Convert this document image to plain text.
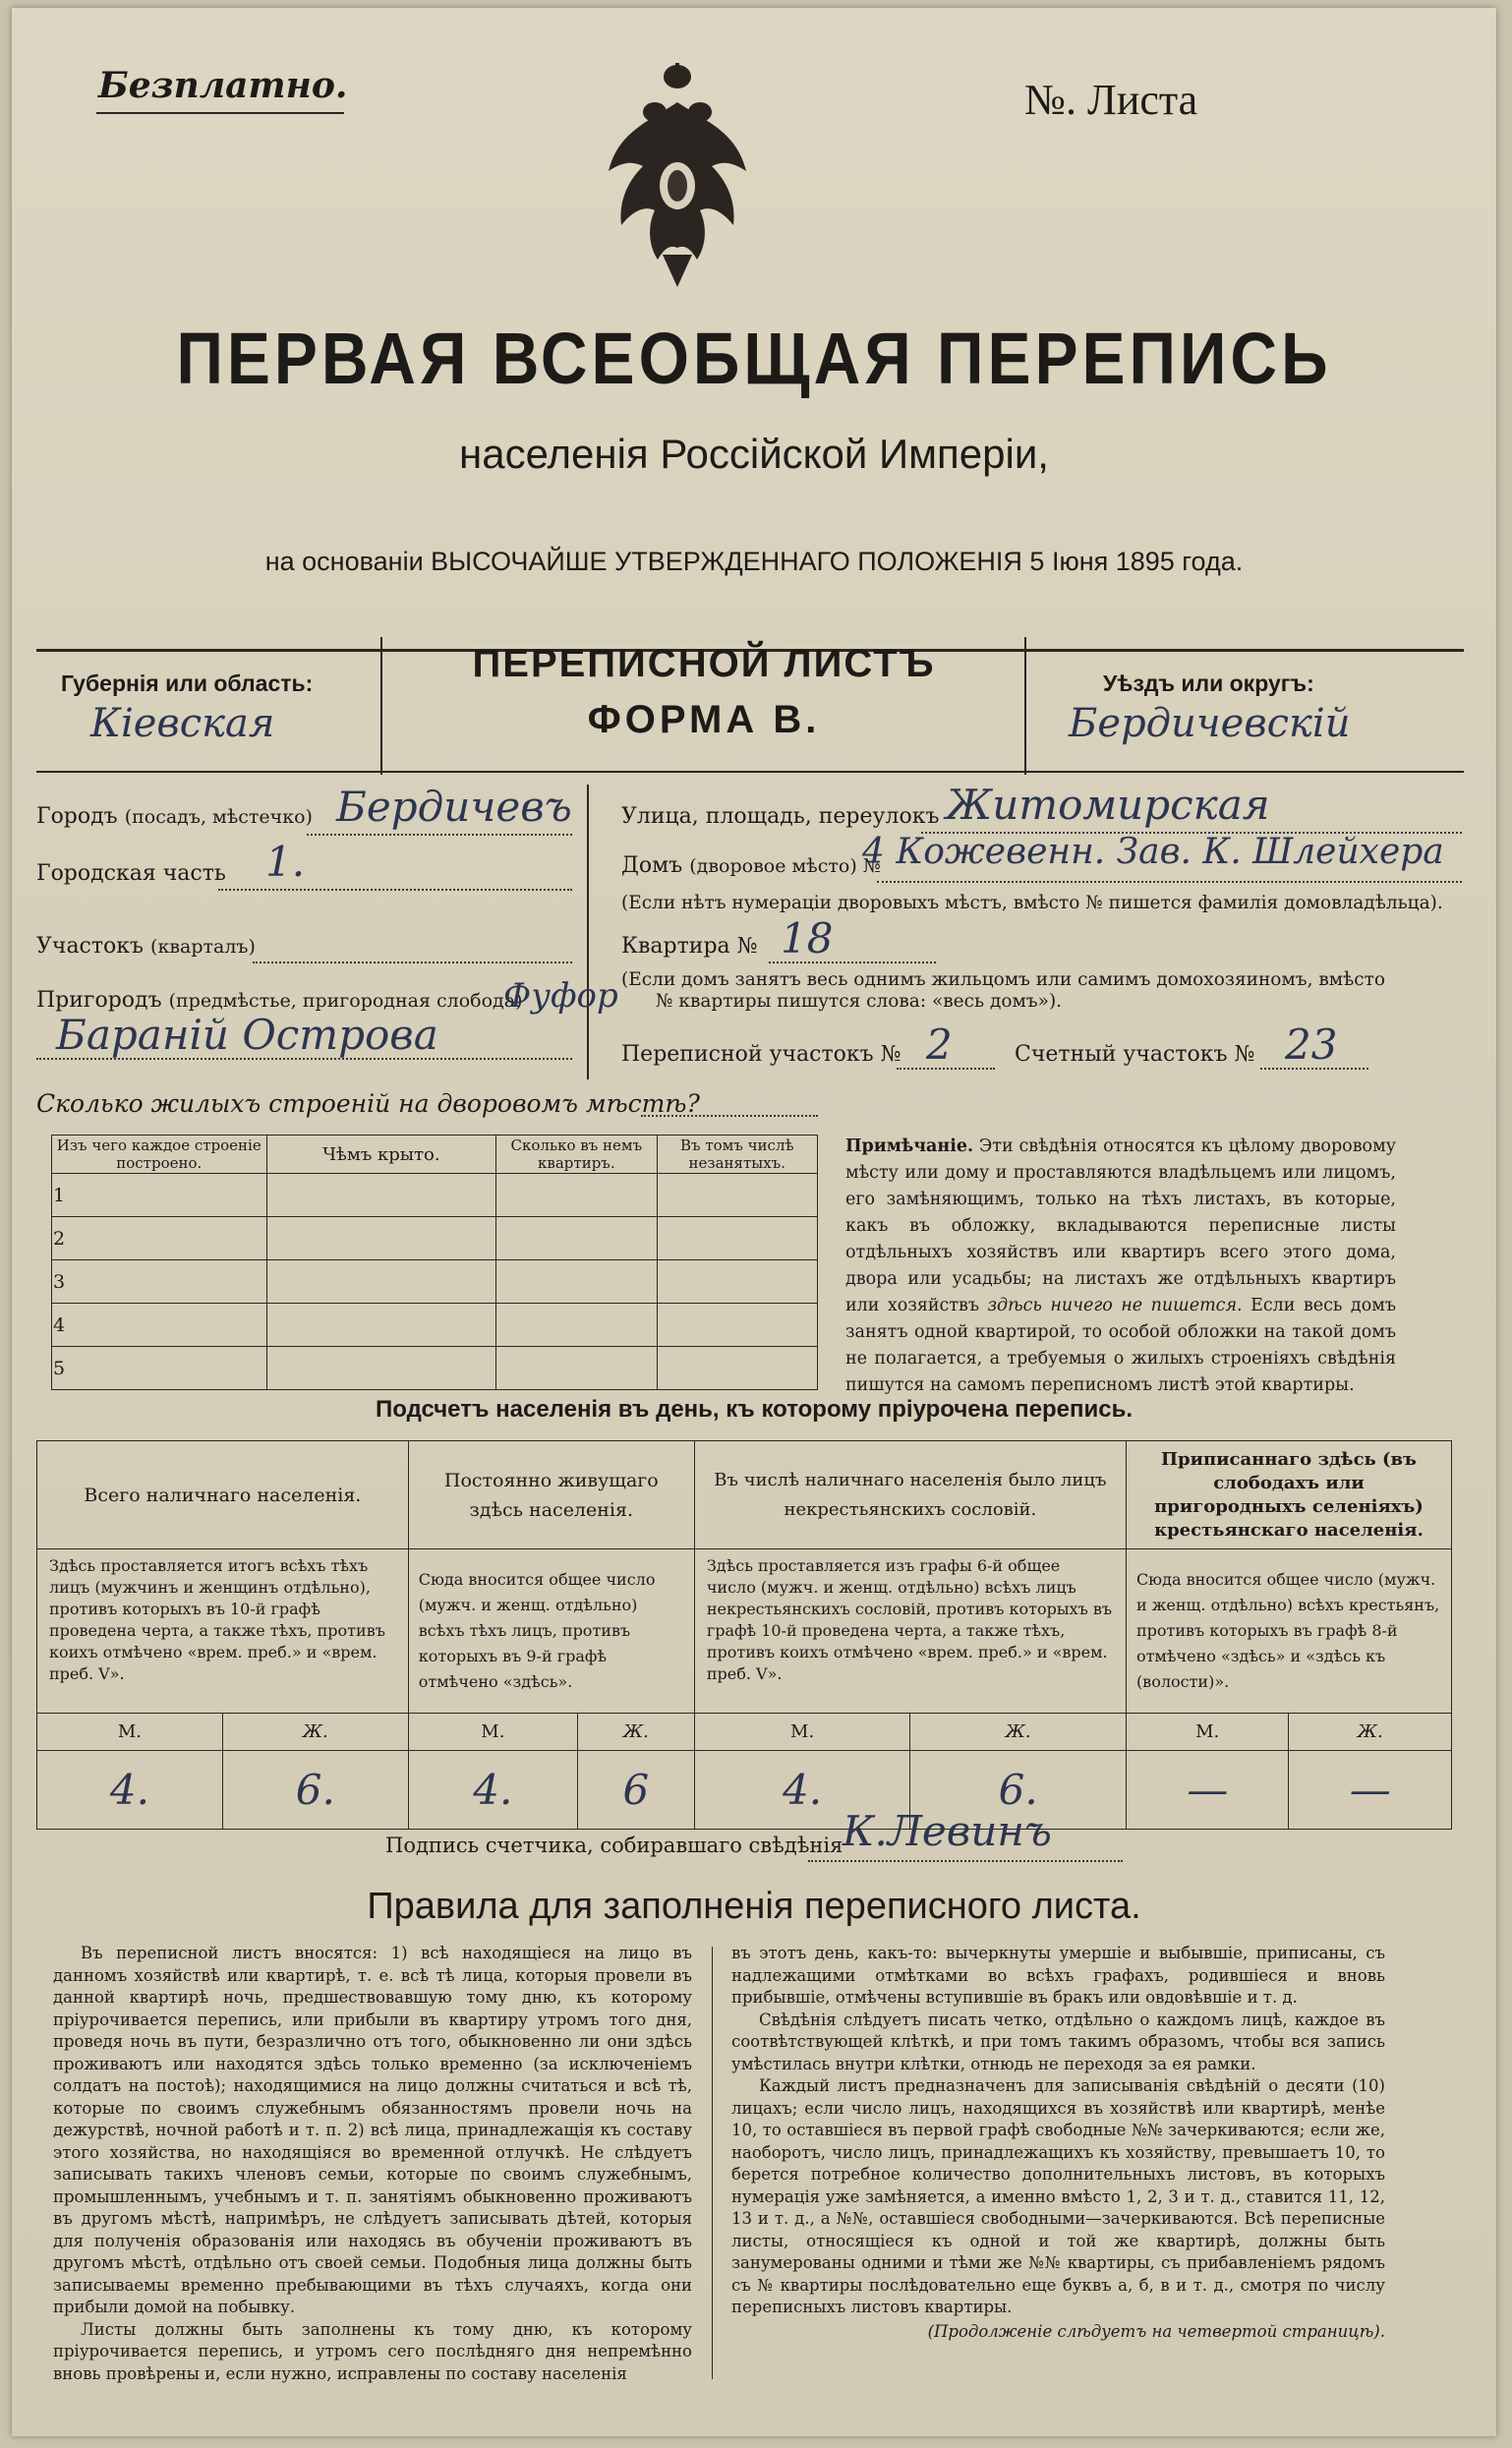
Безплатно.	№. Листа
ПЕРВАЯ ВСЕОБЩАЯ ПЕРЕПИСЬ
населенія Россійской Имперіи,
на основаніи ВЫСОЧАЙШЕ УТВЕРЖДЕННАГО ПОЛОЖЕНІЯ 5 Іюня 1895 года.
ПЕРЕПИСНОЙ ЛИСТЪ
ФОРМА В.
Губернія или область:
Кіевская
Уѣздъ или округъ:
Бердичевскій
Городъ (посадъ, мѣстечко) Бердичевъ
Городская часть 1.
Участокъ (кварталъ)
Пригородъ (предмѣстье, пригородная слобода)
Фуфор
Бараній Острова
Улица, площадь, переулокъ Житомирская
Домъ (дворовое мѣсто) №
4 Кожевенн. Зав. К. Шлейхера
(Если нѣтъ нумераціи дворовыхъ мѣстъ, вмѣсто № пишется фамилія домовладѣльца).
Квартира № 18
(Если домъ занятъ весь однимъ жильцомъ или самимъ домохозяиномъ, вмѣсто
№ квартиры пишутся слова: «весь домъ»).
Переписной участокъ № 2	Счетный участокъ № 23
Сколько жилыхъ строеній на дворовомъ мѣстѣ?
Изъ чего каждое строеніе построено.	Чѣмъ крыто.	Сколько въ немъ квартиръ.	Въ томъ числѣ незанятыхъ.
1			
2			
3			
4			
5			
Примѣчаніе. Эти свѣдѣнія относятся къ цѣлому дворовому мѣсту или дому и проставляются владѣльцемъ или лицомъ, его замѣняющимъ, только на тѣхъ листахъ, въ которые, какъ въ обложку, вкладываются переписные листы отдѣльныхъ хозяйствъ или квартиръ всего этого дома, двора или усадьбы; на листахъ же отдѣльныхъ квартиръ или хозяйствъ здѣсь ничего не пишется. Если весь домъ занятъ одной квартирой, то особой обложки на такой домъ не полагается, а требуемыя о жилыхъ строеніяхъ свѣдѣнія пишутся на самомъ переписномъ листѣ этой квартиры.
Подсчетъ населенія въ день, къ которому пріурочена перепись.
Всего наличнаго населенія.		Постоянно живущаго здѣсь населенія.		Въ числѣ наличнаго населенія было лицъ некрестьянскихъ сословій.		Приписаннаго здѣсь (въ слободахъ или пригородныхъ селеніяхъ) крестьянскаго населенія.	
Здѣсь проставляется итогъ всѣхъ тѣхъ лицъ (мужчинъ и женщинъ отдѣльно), противъ которыхъ въ 10-й графѣ проведена черта, а также тѣхъ, противъ коихъ отмѣчено «врем. преб.» и «врем. преб. V».		Сюда вносится общее число (мужч. и женщ. отдѣльно) всѣхъ тѣхъ лицъ, противъ которыхъ въ 9-й графѣ отмѣчено «здѣсь».		Здѣсь проставляется изъ графы 6-й общее число (мужч. и женщ. отдѣльно) всѣхъ лицъ некрестьянскихъ сословій, противъ которыхъ въ графѣ 10-й проведена черта, а также тѣхъ, противъ коихъ отмѣчено «врем. преб.» и «врем. преб. V».		Сюда вносится общее число (мужч. и женщ. отдѣльно) всѣхъ крестьянъ, противъ которыхъ въ графѣ 8-й отмѣчено «здѣсь» и «здѣсь къ (волости)».	
М.	Ж.	М.	Ж.	М.	Ж.	М.	Ж.
4.	6.	4.	6	4.	6.	—	—
Подпись счетчика, собиравшаго свѣдѣнія К.Левинъ
Правила для заполненія переписного листа.

Въ переписной листъ вносятся: 1) всѣ находящіеся на лицо въ данномъ хозяйствѣ или квартирѣ, т. е. всѣ тѣ лица, которыя провели въ данной квартирѣ ночь, предшествовавшую тому дню, къ которому пріурочивается перепись, или прибыли въ квартиру утромъ того дня, проведя ночь въ пути, безразлично отъ того, обыкновенно ли они здѣсь проживаютъ или находятся здѣсь только временно (за исключеніемъ солдатъ на постоѣ); находящимися на лицо должны считаться и всѣ тѣ, которые по своимъ служебнымъ обязанностямъ провели ночь на дежурствѣ, ночной работѣ и т. п. 2) всѣ лица, принадлежащія къ составу этого хозяйства, но находящіяся во временной отлучкѣ. Не слѣдуетъ записывать такихъ членовъ семьи, которые по своимъ служебнымъ, промышленнымъ, учебнымъ и т. п. занятіямъ обыкновенно проживаютъ въ другомъ мѣстѣ, напримѣръ, не слѣдуетъ записывать дѣтей, которыя для полученія образованія или находясь въ обученіи проживаютъ въ другомъ мѣстѣ, отдѣльно отъ своей семьи. Подобныя лица должны быть записываемы временно пребывающими въ тѣхъ случаяхъ, когда они прибыли домой на побывку.

Листы должны быть заполнены къ тому дню, къ которому пріурочивается перепись, и утромъ сего послѣдняго дня непремѣнно вновь провѣрены и, если нужно, исправлены по составу населенія

въ этотъ день, какъ-то: вычеркнуты умершіе и выбывшіе, приписаны, съ надлежащими отмѣтками во всѣхъ графахъ, родившіеся и вновь прибывшіе, отмѣчены вступившіе въ бракъ или овдовѣвшіе и т. д.

Свѣдѣнія слѣдуетъ писать четко, отдѣльно о каждомъ лицѣ, каждое въ соотвѣтствующей клѣткѣ, и при томъ такимъ образомъ, чтобы вся запись умѣстилась внутри клѣтки, отнюдь не переходя за ея рамки.

Каждый листъ предназначенъ для записыванія свѣдѣній о десяти (10) лицахъ; если число лицъ, находящихся въ хозяйствѣ или квартирѣ, менѣе 10, то оставшіеся въ первой графѣ свободные №№ зачеркиваются; если же, наоборотъ, число лицъ, принадлежащихъ къ хозяйству, превышаетъ 10, то берется потребное количество дополнительныхъ листовъ, въ которыхъ нумерація уже замѣняется, а именно вмѣсто 1, 2, 3 и т. д., ставится 11, 12, 13 и т. д., а №№, оставшіеся свободными—зачеркиваются. Всѣ переписные листы, относящіеся къ одной и той же квартирѣ, должны быть занумерованы одними и тѣми же №№ квартиры, съ прибавленіемъ рядомъ съ № квартиры послѣдовательно еще буквъ а, б, в и т. д., смотря по числу переписныхъ листовъ квартиры.

(Продолженіе слѣдуетъ на четвертой страницѣ).
